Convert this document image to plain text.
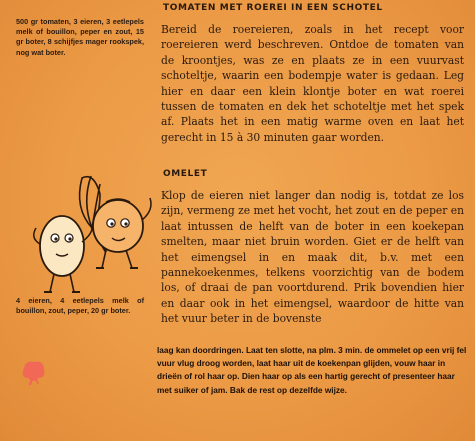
500 gr tomaten, 3 eieren, 3 eetlepels melk of bouillon, peper en zout, 15 gr boter, 8 schijfjes mager rookspek, nog wat boter.

TOMATEN MET ROEREI IN EEN SCHOTEL

Bereid de roereieren, zoals in het recept voor roereieren werd beschreven. Ontdoe de tomaten van de kroontjes, was ze en plaats ze in een vuurvast schoteltje, waarin een bodempje water is gedaan. Leg hier en daar een klein klontje boter en wat roerei tussen de tomaten en dek het schoteltje met het spek af. Plaats het in een matig warme oven en laat het gerecht in 15 à 30 minuten gaar worden.

OMELET

Klop de eieren niet langer dan nodig is, totdat ze los zijn, vermeng ze met het vocht, het zout en de peper en laat intussen de helft van de boter in een koekepan smelten, maar niet bruin worden. Giet er de helft van het eimengsel in en maak dit, b.v. met een pannekoekenmes, telkens voorzichtig van de bodem los, of draai de pan voortdurend. Prik bovendien hier en daar ook in het eimengsel, waardoor de hitte van het vuur beter in de bovenste

4 eieren, 4 eetlepels melk of bouillon, zout, peper, 20 gr boter.

laag kan doordringen. Laat ten slotte, na plm. 3 min. de ommelet op een vrij fel vuur vlug droog worden, laat haar uit de koekenpan glijden, vouw haar in drieën of rol haar op. Dien haar op als een hartig gerecht of presenteer haar met suiker of jam. Bak de rest op dezelfde wijze.
